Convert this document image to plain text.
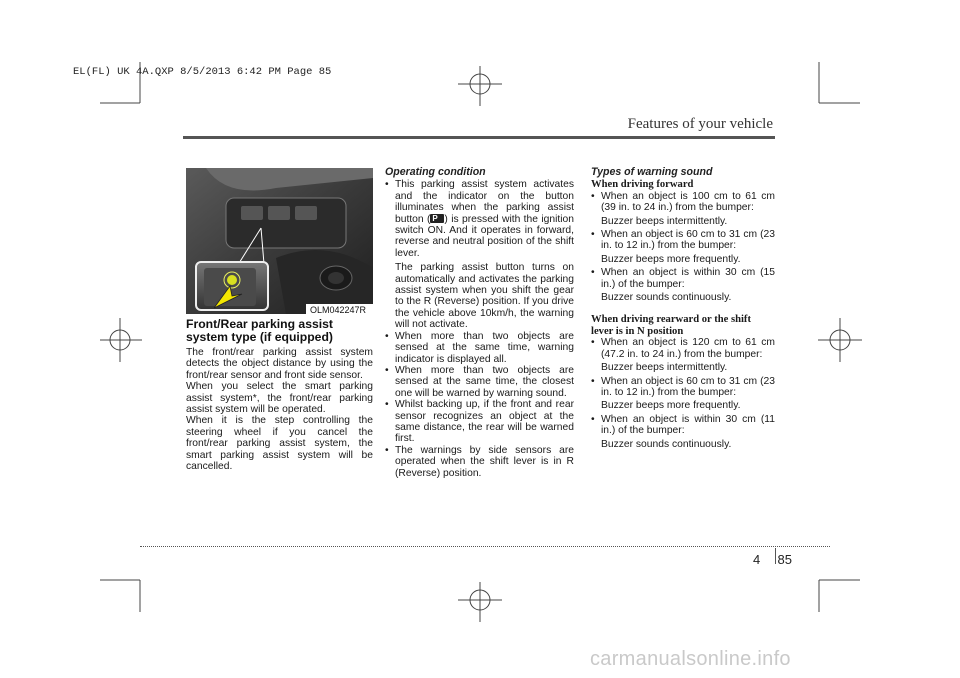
EL(FL) UK 4A.QXP 8/5/2013 6:42 PM Page 85
Features of your vehicle
OLM042247R
Front/Rear parking assist system type (if equipped)

The front/rear parking assist system detects the object distance by using the front/rear sensor and front side sensor.

When you select the smart parking assist system*, the front/rear parking assist system will be operated.

When it is the step controlling the steering wheel if you cancel the front/rear parking assist system, the smart parking assist system will be cancelled.

Operating condition
• This parking assist system activates and the indicator on the button illuminates when the parking assist button (P ) is pressed with the ignition switch ON. And it operates in forward, reverse and neutral position of the shift lever.
The parking assist button turns on automatically and activates the parking assist system when you shift the gear to the R (Reverse) position. If you drive the vehicle above 10km/h, the warning will not activate.
• When more than two objects are sensed at the same time, warning indicator is displayed all.
• When more than two objects are sensed at the same time, the closest one will be warned by warning sound.
• Whilst backing up, if the front and rear sensor recognizes an object at the same distance, the rear will be warned first.
• The warnings by side sensors are operated when the shift lever is in R (Reverse) position.
Types of warning sound
When driving forward
• When an object is 100 cm to 61 cm (39 in. to 24 in.) from the bumper:
Buzzer beeps intermittently.
• When an object is 60 cm to 31 cm (23 in. to 12 in.) from the bumper:
Buzzer beeps more frequently.
• When an object is within 30 cm (15 in.) of the bumper:
Buzzer sounds continuously.
When driving rearward or the shift lever is in N position
• When an object is 120 cm to 61 cm (47.2 in. to 24 in.) from the bumper:
Buzzer beeps intermittently.
• When an object is 60 cm to 31 cm (23 in. to 12 in.) from the bumper:
Buzzer beeps more frequently.
• When an object is within 30 cm (11 in.) of the bumper:
Buzzer sounds continuously.
4 85
carmanualsonline.info
